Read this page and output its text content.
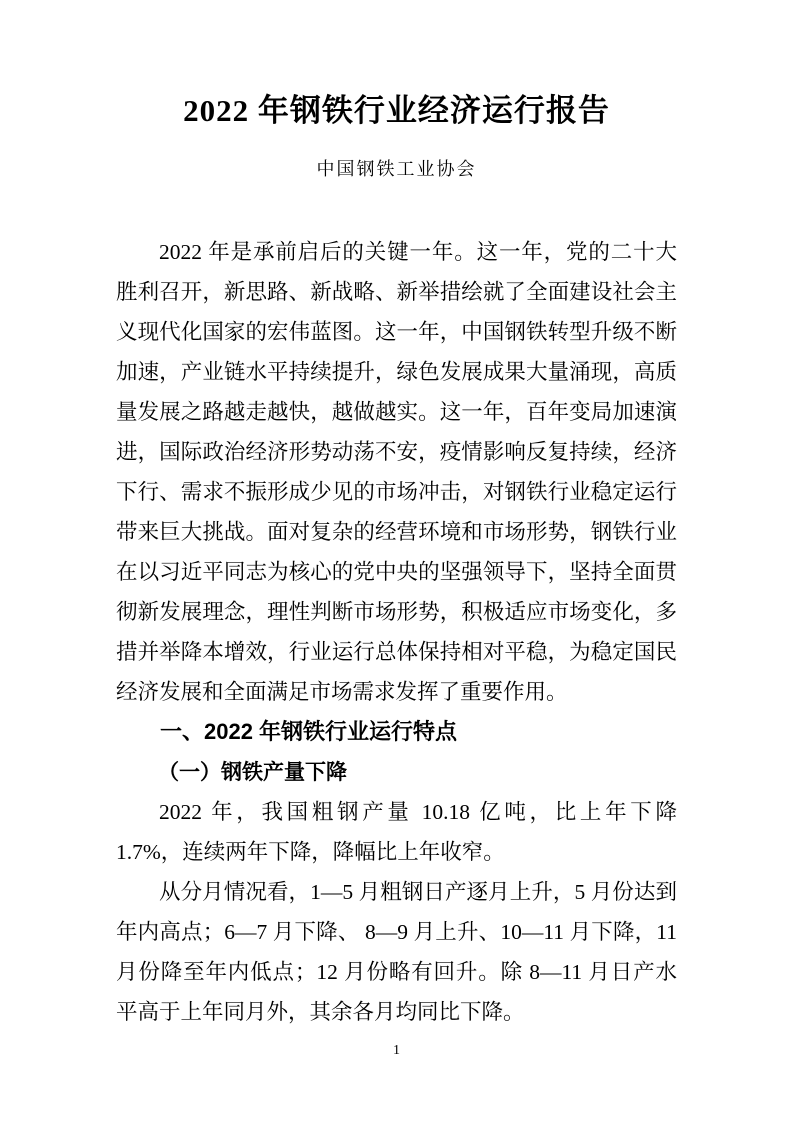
2022 年钢铁行业经济运行报告
中国钢铁工业协会

2022 年是承前启后的关键一年。这一年，党的二十大胜利召开，新思路、新战略、新举措绘就了全面建设社会主义现代化国家的宏伟蓝图。这一年，中国钢铁转型升级不断加速，产业链水平持续提升，绿色发展成果大量涌现，高质量发展之路越走越快，越做越实。这一年，百年变局加速演进，国际政治经济形势动荡不安，疫情影响反复持续，经济下行、需求不振形成少见的市场冲击，对钢铁行业稳定运行带来巨大挑战。面对复杂的经营环境和市场形势，钢铁行业在以习近平同志为核心的党中央的坚强领导下，坚持全面贯彻新发展理念，理性判断市场形势，积极适应市场变化，多措并举降本增效，行业运行总体保持相对平稳，为稳定国民经济发展和全面满足市场需求发挥了重要作用。

一、2022 年钢铁行业运行特点
（一）钢铁产量下降

2022 年，我国粗钢产量 10.18 亿吨，比上年下降 1.7%，连续两年下降，降幅比上年收窄。

从分月情况看，1—5 月粗钢日产逐月上升，5 月份达到年内高点；6—7 月下降、 8—9 月上升、10—11 月下降，11 月份降至年内低点；12 月份略有回升。除 8—11 月日产水平高于上年同月外，其余各月均同比下降。

1
